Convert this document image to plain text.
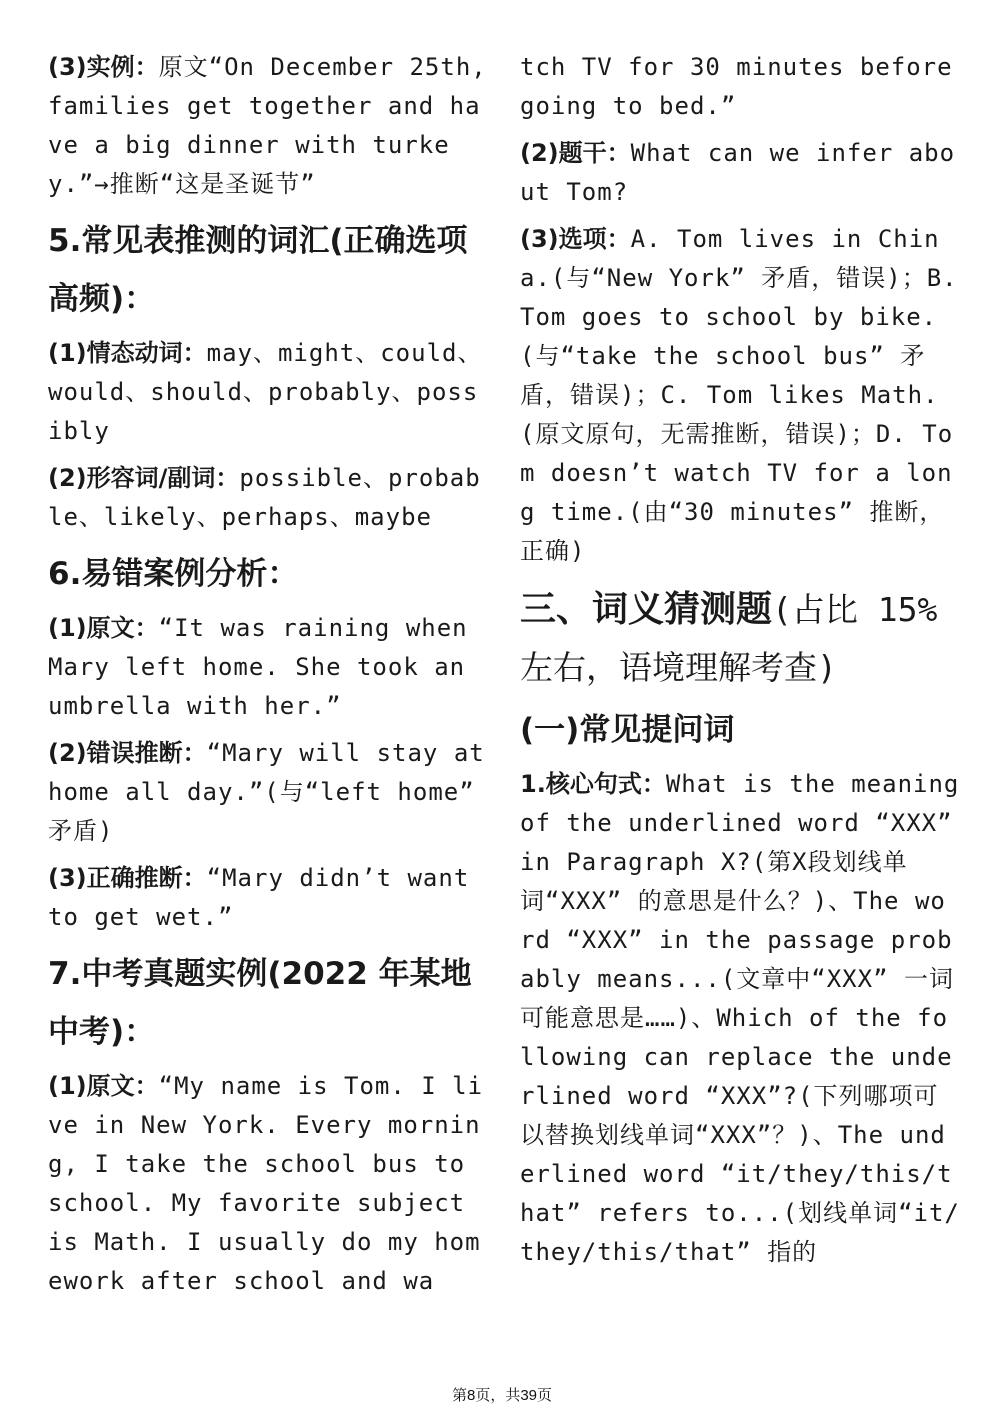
(3)实例：原文“On December 25th, families get together and have a big dinner with turkey.”→推断“这是圣诞节”

5.常见表推测的词汇(正确选项高频)：

(1)情态动词：may、might、could、would、should、probably、possibly

(2)形容词/副词：possible、probable、likely、perhaps、maybe

6.易错案例分析：

(1)原文：“It was raining when Mary left home. She took an umbrella with her.”

(2)错误推断：“Mary will stay at home all day.”(与“left home” 矛盾)

(3)正确推断：“Mary didn’t want to get wet.”

7.中考真题实例(2022 年某地中考)：

(1)原文：“My name is Tom. I live in New York. Every morning, I take the school bus to school. My favorite subject is Math. I usually do my homework after school and wa

tch TV for 30 minutes before going to bed.”

(2)题干：What can we infer about Tom?

(3)选项：A. Tom lives in China.(与“New York” 矛盾，错误)；B. Tom goes to school by bike.(与“take the school bus” 矛盾，错误)；C. Tom likes Math.(原文原句，无需推断，错误)；D. Tom doesn’t watch TV for a long time.(由“30 minutes” 推断，正确)

三、词义猜测题(占比 15% 左右，语境理解考查)
(一)常见提问词

1.核心句式：What is the meaning of the underlined word “XXX” in Paragraph X?(第X段划线单词“XXX” 的意思是什么？)、The word “XXX” in the passage probably means...(文章中“XXX” 一词可能意思是……)、Which of the following can replace the underlined word “XXX”?(下列哪项可以替换划线单词“XXX”？)、The underlined word “it/they/this/that” refers to...(划线单词“it/they/this/that” 指的

第8页，共39页
